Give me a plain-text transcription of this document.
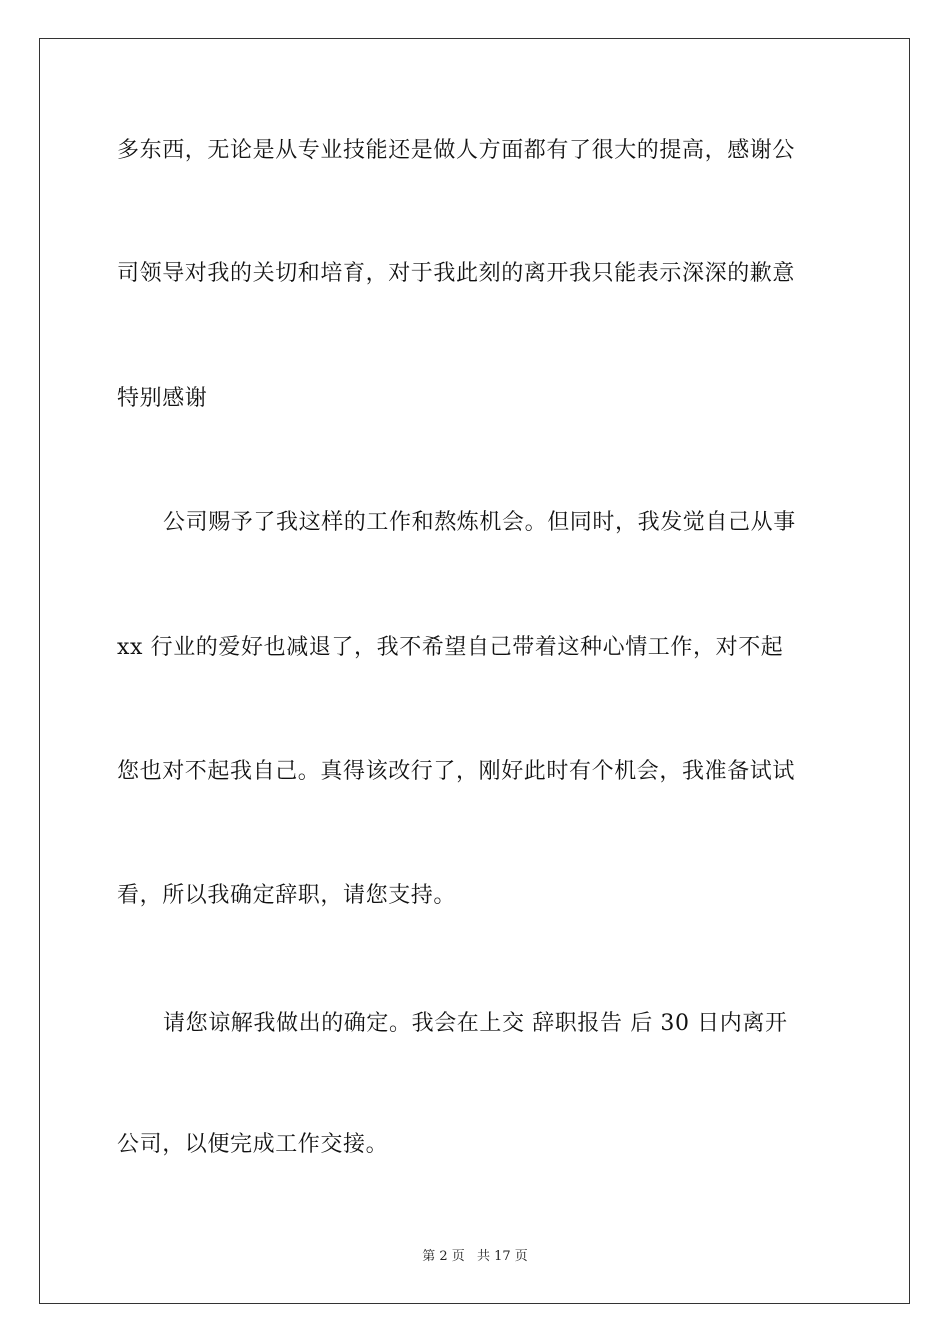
多东西，无论是从专业技能还是做人方面都有了很大的提高，感谢公
司领导对我的关切和培育，对于我此刻的离开我只能表示深深的歉意
特别感谢
公司赐予了我这样的工作和熬炼机会。但同时，我发觉自己从事
xx 行业的爱好也减退了，我不希望自己带着这种心情工作，对不起
您也对不起我自己。真得该改行了，刚好此时有个机会，我准备试试
看，所以我确定辞职，请您支持。
请您谅解我做出的确定。我会在上交 辞职报告 后 30 日内离开
公司，以便完成工作交接。
第 2 页 共 17 页
